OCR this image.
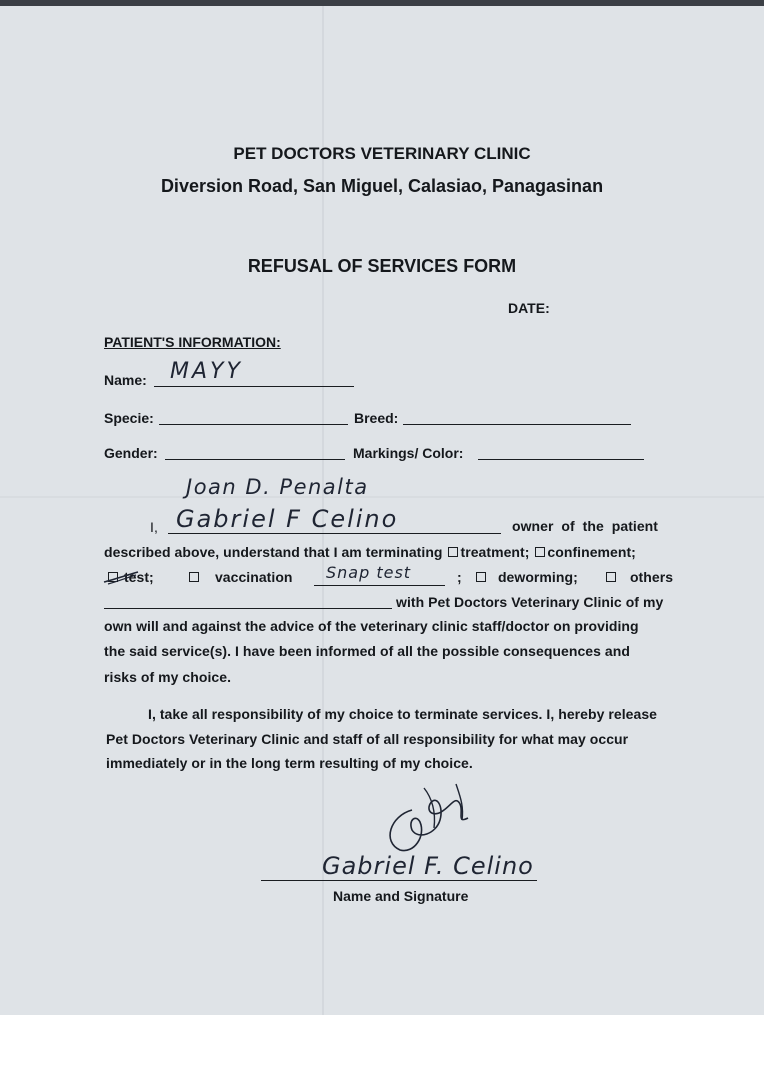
PET DOCTORS VETERINARY CLINIC
Diversion Road, San Miguel, Calasiao, Panagasinan
REFUSAL OF SERVICES FORM
DATE:
PATIENT'S INFORMATION:
Name: MAYY
Specie:	Breed:
Gender:	Markings/ Color:
Joan D. Penalta
I, Gabriel F Celino	owner of the patient
described above, understand that I am terminating treatment; confinement;
test;	vaccination Snap test	;	deworming;	others
with Pet Doctors Veterinary Clinic of my
own will and against the advice of the veterinary clinic staff/doctor on providing
the said service(s). I have been informed of all the possible consequences and
risks of my choice.
I, take all responsibility of my choice to terminate services. I, hereby release
Pet Doctors Veterinary Clinic and staff of all responsibility for what may occur
immediately or in the long term resulting of my choice.
Gabriel F. Celino
Name and Signature
